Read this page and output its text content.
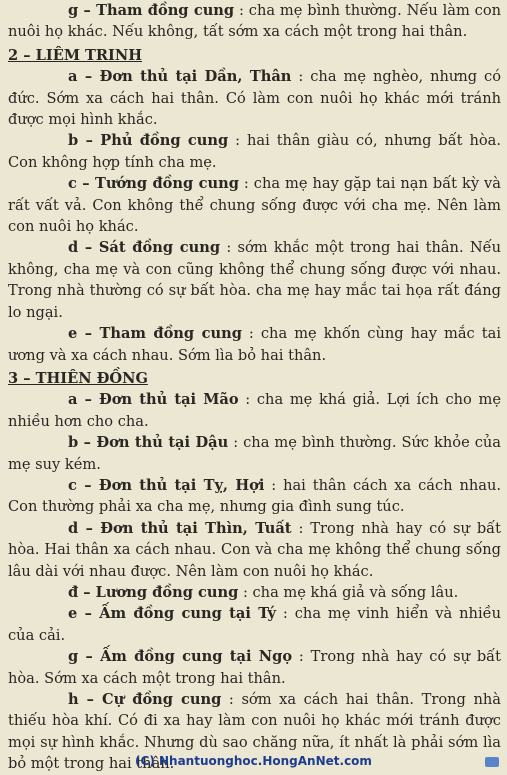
g – Tham đồng cung : cha mẹ bình thường. Nếu làm con nuôi họ khác. Nếu không, tất sớm xa cách một trong hai thân.

2 – LIÊM TRINH

a – Đơn thủ tại Dần, Thân : cha mẹ nghèo, nhưng có đức. Sớm xa cách hai thân. Có làm con nuôi họ khác mới tránh được mọi hình khắc.

b – Phủ đồng cung : hai thân giàu có, nhưng bất hòa. Con không hợp tính cha mẹ.

c – Tướng đồng cung : cha mẹ hay gặp tai nạn bất kỳ và rất vất vả. Con không thể chung sống được với cha mẹ. Nên làm con nuôi họ khác.

d – Sát đồng cung : sớm khắc một trong hai thân. Nếu không, cha mẹ và con cũng không thể chung sống được với nhau. Trong nhà thường có sự bất hòa. cha mẹ hay mắc tai họa rất đáng lo ngại.

e – Tham đồng cung : cha mẹ khốn cùng hay mắc tai ương và xa cách nhau. Sớm lìa bỏ hai thân.

3 – THIÊN ĐỒNG

a – Đơn thủ tại Mão : cha mẹ khá giả. Lợi ích cho mẹ nhiều hơn cho cha.

b – Đơn thủ tại Dậu : cha mẹ bình thường. Sức khỏe của mẹ suy kém.

c – Đơn thủ tại Tỵ, Hợi : hai thân cách xa cách nhau. Con thường phải xa cha mẹ, nhưng gia đình sung túc.

d – Đơn thủ tại Thìn, Tuất : Trong nhà hay có sự bất hòa. Hai thân xa cách nhau. Con và cha mẹ không thể chung sống lâu dài với nhau được. Nên làm con nuôi họ khác.

đ – Lương đồng cung : cha mẹ khá giả và sống lâu.

e – Ấm đồng cung tại Tý : cha mẹ vinh hiển và nhiều của cải.

g – Ấm đồng cung tại Ngọ : Trong nhà hay có sự bất hòa. Sớm xa cách một trong hai thân.

h – Cự đồng cung : sớm xa cách hai thân. Trong nhà thiếu hòa khí. Có đi xa hay làm con nuôi họ khác mới tránh được mọi sự hình khắc. Nhưng dù sao chăng nữa, ít nhất là phải sớm lìa bỏ một trong hai thân.

(C) Nhantuonghoc.HongAnNet.com
